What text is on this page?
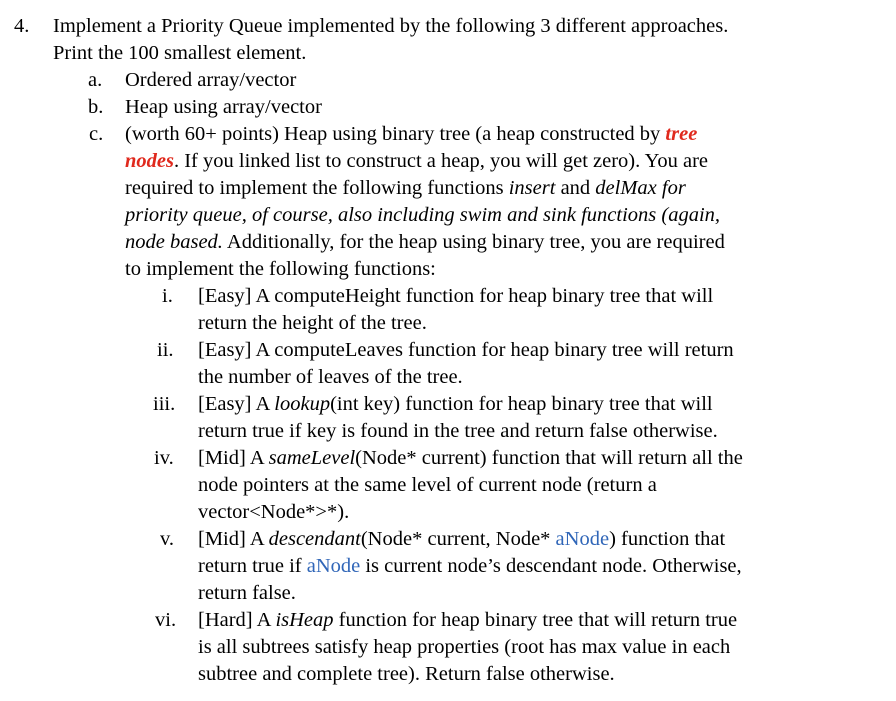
4. Implement a Priority Queue implemented by the following 3 different approaches.
Print the 100 smallest element.
a. Ordered array/vector
b. Heap using array/vector
c. (worth 60+ points) Heap using binary tree (a heap constructed by tree
nodes. If you linked list to construct a heap, you will get zero). You are
required to implement the following functions insert and delMax for
priority queue, of course, also including swim and sink functions (again,
node based. Additionally, for the heap using binary tree, you are required
to implement the following functions:
i. [Easy] A computeHeight function for heap binary tree that will
return the height of the tree.
ii. [Easy] A computeLeaves function for heap binary tree will return
the number of leaves of the tree.
iii. [Easy] A lookup(int key) function for heap binary tree that will
return true if key is found in the tree and return false otherwise.
iv. [Mid] A sameLevel(Node* current) function that will return all the
node pointers at the same level of current node (return a
vector<Node*>*).
v. [Mid] A descendant(Node* current, Node* aNode) function that
return true if aNode is current node’s descendant node. Otherwise,
return false.
vi. [Hard] A isHeap function for heap binary tree that will return true
is all subtrees satisfy heap properties (root has max value in each
subtree and complete tree). Return false otherwise.
